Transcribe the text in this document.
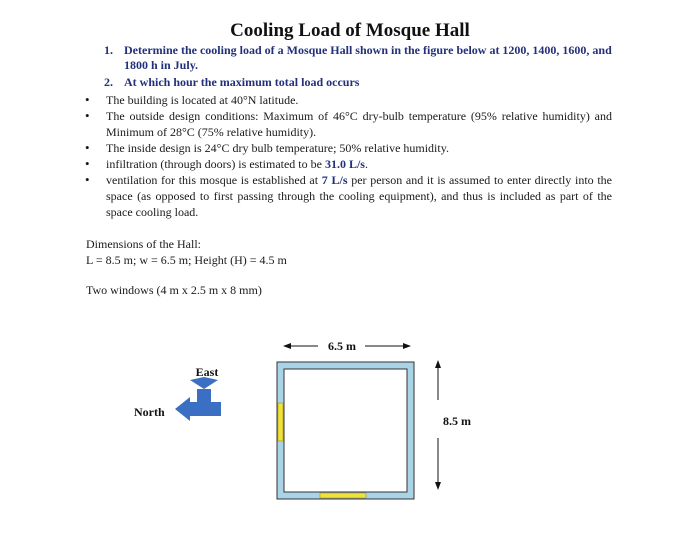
Cooling Load of Mosque Hall
1. Determine the cooling load of a Mosque Hall shown in the figure below at 1200, 1400, 1600, and 1800 h in July.
2. At which hour the maximum total load occurs
• The building is located at 40°N latitude.
• The outside design conditions: Maximum of 46°C dry-bulb temperature (95% relative humidity) and Minimum of 28°C (75% relative humidity).
• The inside design is 24°C dry bulb temperature; 50% relative humidity.
• infiltration (through doors) is estimated to be 31.0 L/s.
• ventilation for this mosque is established at 7 L/s per person and it is assumed to enter directly into the space (as opposed to first passing through the cooling equipment), and thus is included as part of the space cooling load.
Dimensions of the Hall:
L = 8.5 m; w = 6.5 m; Height (H) = 4.5 m
Two windows (4 m x 2.5 m x 8 mm)
East
North
6.5 m
8.5 m
